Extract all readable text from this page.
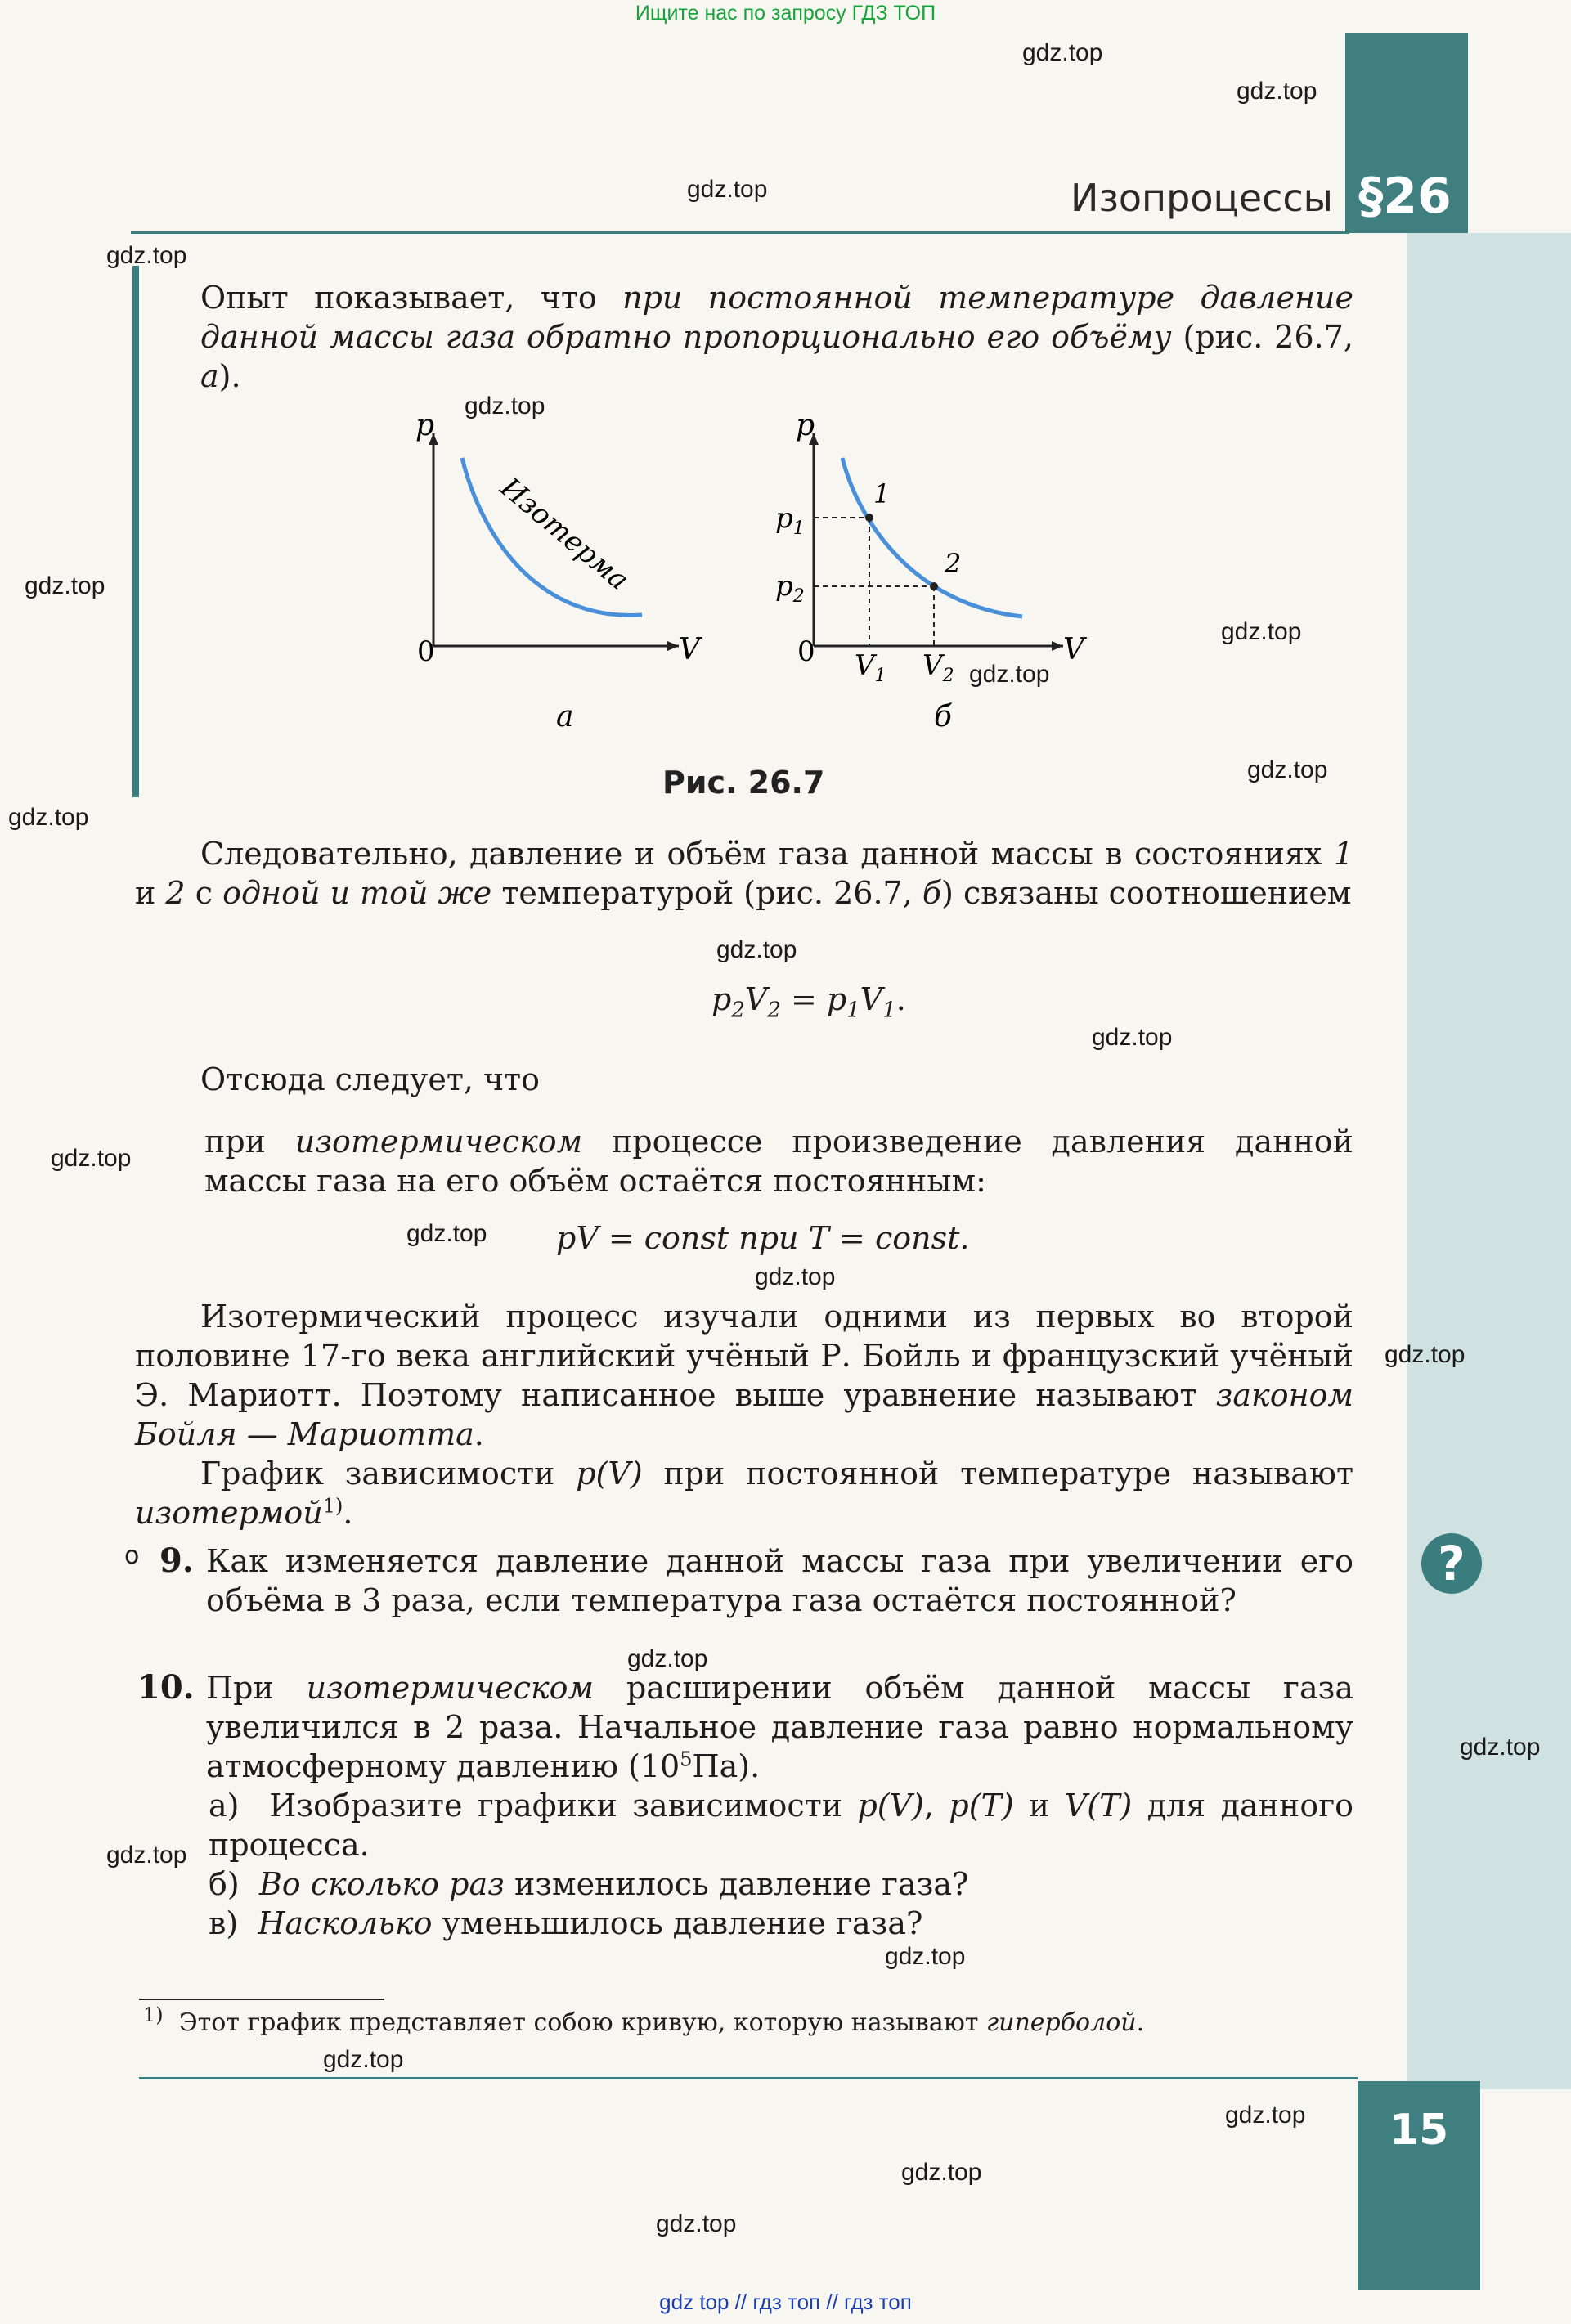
§26
Изопроцессы
Ищите нас по запросу ГДЗ ТОП
Опыт показывает, что при постоянной температуре давление данной массы газа обратно пропорционально его объёму (рис. 26.7, а).
p
V
0
Изотерма
а
p
V
0
$p_1$
$p_2$
$V_1$ $V_2$
1
2
б
Рис. 26.7
Следовательно, давление и объём газа данной массы в состояниях 1 и 2 с одной и той же температурой (рис. 26.7, б) связаны соотношением
$p_2V_2 = p_1V_1$.
Отсюда следует, что
при изотермическом процессе произведение давления данной массы газа на его объём остаётся постоянным:
pV = const при T = const.
Изотермический процесс изучали одними из первых во второй половине 17-го века английский учёный Р. Бойль и французский учёный Э. Мариотт. Поэтому написанное выше уравнение называют законом Бойля — Мариотта.
График зависимости p(V) при постоянной температуре называют изотермой$^{1)}$.
?
о 9. Как изменяется давление данной массы газа при увеличении его объёма в 3 раза, если температура газа остаётся постоянной?
10. При изотермическом расширении объём данной массы газа увеличился в 2 раза. Начальное давление газа равно нормальному атмосферному давлению $(10^5Па)$.
а) Изобразите графики зависимости p(V), p(T) и V(T) для данного процесса.
б) Во сколько раз изменилось давление газа?
в) Насколько уменьшилось давление газа?
$^{1)}$ Этот график представляет собою кривую, которую называют гиперболой.
15
gdz.top
gdz.top
gdz.top
gdz.top
gdz.top
gdz.top
gdz.top
gdz.top
gdz.top
gdz.top
gdz.top
gdz.top
gdz.top
gdz.top
gdz.top
gdz.top
gdz.top
gdz.top
gdz.top
gdz.top
gdz.top
gdz.top
gdz.top
gdz.top
gdz top // гдз топ // гдз топ
